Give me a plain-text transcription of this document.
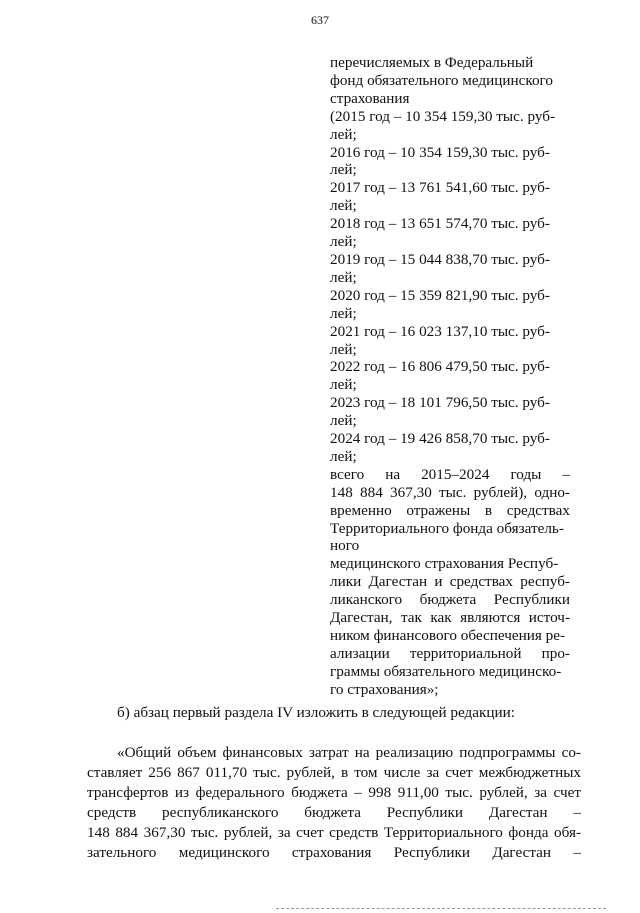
637
перечисляемых в Федеральный
фонд обязательного медицинского
страхования
(2015 год – 10 354 159,30 тыс. руб-
лей;
2016 год – 10 354 159,30 тыс. руб-
лей;
2017 год – 13 761 541,60 тыс. руб-
лей;
2018 год – 13 651 574,70 тыс. руб-
лей;
2019 год – 15 044 838,70 тыс. руб-
лей;
2020 год – 15 359 821,90 тыс. руб-
лей;
2021 год – 16 023 137,10 тыс. руб-
лей;
2022 год – 16 806 479,50 тыс. руб-
лей;
2023 год – 18 101 796,50 тыс. руб-
лей;
2024 год – 19 426 858,70 тыс. руб-
лей;
всего на 2015–2024 годы –
148 884 367,30 тыс. рублей), одно-
временно отражены в средствах
Территориального фонда обязатель-
ного
медицинского страхования Респуб-
лики Дагестан и средствах респуб-
ликанского бюджета Республики
Дагестан, так как являются источ-
ником финансового обеспечения ре-
ализации территориальной про-
граммы обязательного медицинско-
го страхования»;
б) абзац первый раздела IV изложить в следующей редакции:
«Общий объем финансовых затрат на реализацию подпрограммы со-
ставляет 256 867 011,70 тыс. рублей, в том числе за счет межбюджетных
трансфертов из федерального бюджета – 998 911,00 тыс. рублей, за счет
средств республиканского бюджета Республики Дагестан –
148 884 367,30 тыс. рублей, за счет средств Территориального фонда обя-
зательного медицинского страхования Республики Дагестан –
